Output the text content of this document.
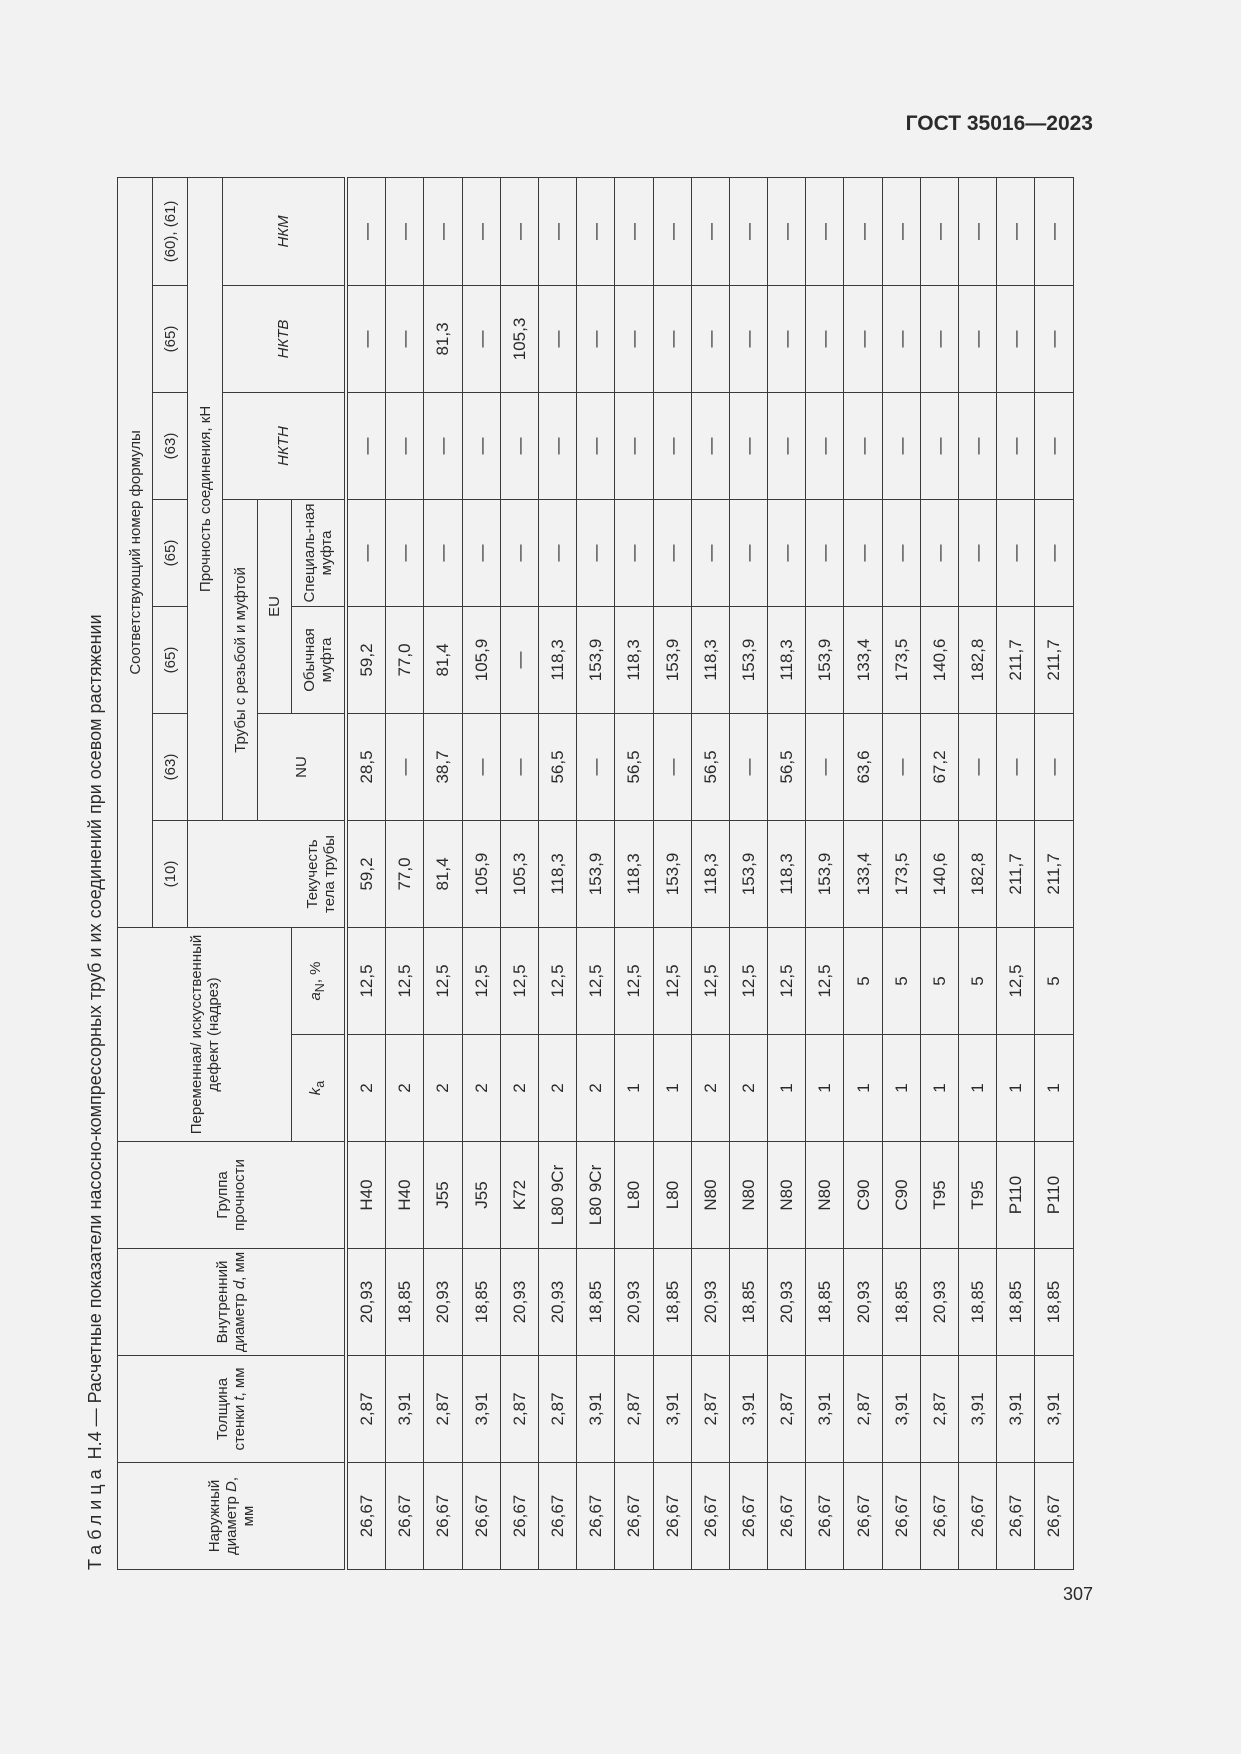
ГОСТ 35016—2023
Таблица Н.4 — Расчетные показатели насосно-компрессорных труб и их соединений при осевом растяжении
Наружный диаметр D, мм	Толщина стенки t, мм	Внутренний диаметр d, мм	Группа прочности	Переменная/ искусственный дефект (надрез)		Соответствующий номер формулы						
						(10)	(63)	(65)	(65)	(63)	(65)	(60), (61)
						Текучесть тела трубы	Прочность соединения, кН					
							Трубы с резьбой и муфтой			НКТН	НКТВ	НКМ
							NU	EU				
				$k_a$	$a_N$, %			Обычная муфта	Специаль-ная муфта			
26,67	2,87	20,93	H40	2	12,5	59,2	28,5	59,2	—	—	—	—
26,67	3,91	18,85	H40	2	12,5	77,0	—	77,0	—	—	—	—
26,67	2,87	20,93	J55	2	12,5	81,4	38,7	81,4	—	—	81,3	—
26,67	3,91	18,85	J55	2	12,5	105,9	—	105,9	—	—	—	—
26,67	2,87	20,93	K72	2	12,5	105,3	—	—	—	—	105,3	—
26,67	2,87	20,93	L80 9Cr	2	12,5	118,3	56,5	118,3	—	—	—	—
26,67	3,91	18,85	L80 9Cr	2	12,5	153,9	—	153,9	—	—	—	—
26,67	2,87	20,93	L80	1	12,5	118,3	56,5	118,3	—	—	—	—
26,67	3,91	18,85	L80	1	12,5	153,9	—	153,9	—	—	—	—
26,67	2,87	20,93	N80	2	12,5	118,3	56,5	118,3	—	—	—	—
26,67	3,91	18,85	N80	2	12,5	153,9	—	153,9	—	—	—	—
26,67	2,87	20,93	N80	1	12,5	118,3	56,5	118,3	—	—	—	—
26,67	3,91	18,85	N80	1	12,5	153,9	—	153,9	—	—	—	—
26,67	2,87	20,93	C90	1	5	133,4	63,6	133,4	—	—	—	—
26,67	3,91	18,85	C90	1	5	173,5	—	173,5	—	—	—	—
26,67	2,87	20,93	T95	1	5	140,6	67,2	140,6	—	—	—	—
26,67	3,91	18,85	T95	1	5	182,8	—	182,8	—	—	—	—
26,67	3,91	18,85	P110	1	12,5	211,7	—	211,7	—	—	—	—
26,67	3,91	18,85	P110	1	5	211,7	—	211,7	—	—	—	—
307
